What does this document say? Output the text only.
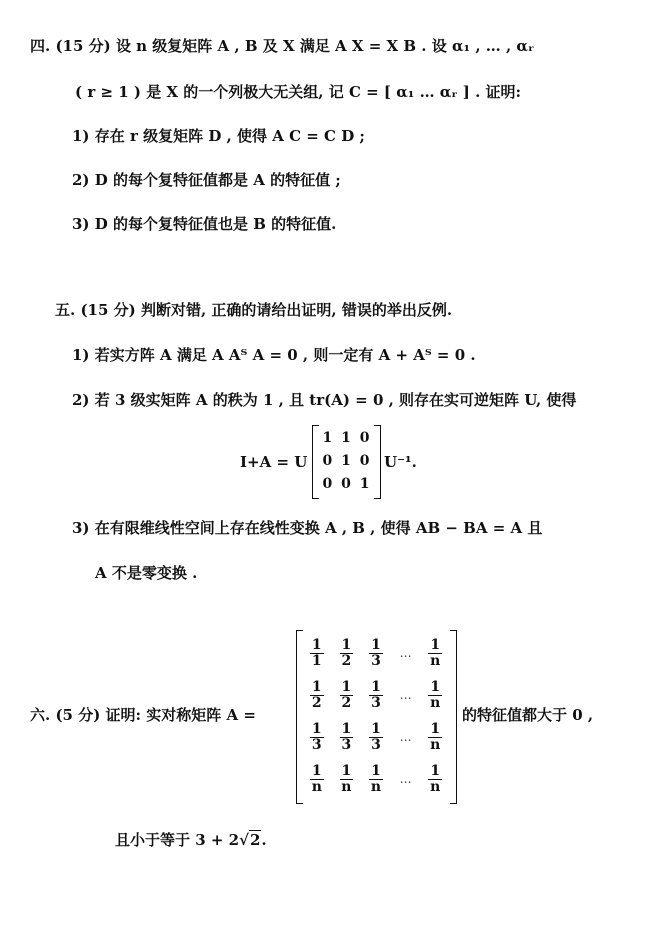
四. (15 分) 设 n 级复矩阵 A , B 及 X 满足 A X = X B . 设 α₁ , … , αᵣ
( r ≥ 1 ) 是 X 的一个列极大无关组, 记 C = [ α₁ … αᵣ ] . 证明:
1) 存在 r 级复矩阵 D , 使得 A C = C D ;
2) D 的每个复特征值都是 A 的特征值 ;
3) D 的每个复特征值也是 B 的特征值.
五. (15 分) 判断对错, 正确的请给出证明, 错误的举出反例.
1) 若实方阵 A 满足 A Aᵀ A = 0 , 则一定有 A + Aᵀ = 0 .
2) 若 3 级实矩阵 A 的秩为 1 , 且 tr(A) = 0 , 则存在实可逆矩阵 U, 使得
I+A = U
1 1 0
0 1 0
0 0 1
U⁻¹.
3) 在有限维线性空间上存在线性变换 A , B , 使得 AB − BA = A 且
A 不是零变换 .
六. (5 分) 证明: 实对称矩阵 A =
$\frac{1}{1} \frac{1}{2} \frac{1}{3}$ … $\frac{1}{n}$
$\frac{1}{2} \frac{1}{2} \frac{1}{3}$ … $\frac{1}{n}$
$\frac{1}{3} \frac{1}{3} \frac{1}{3}$ … $\frac{1}{n}$
$\frac{1}{n} \frac{1}{n} \frac{1}{n}$ … $\frac{1}{n}$
的特征值都大于 0 ,
且小于等于 3 + 2√2.
